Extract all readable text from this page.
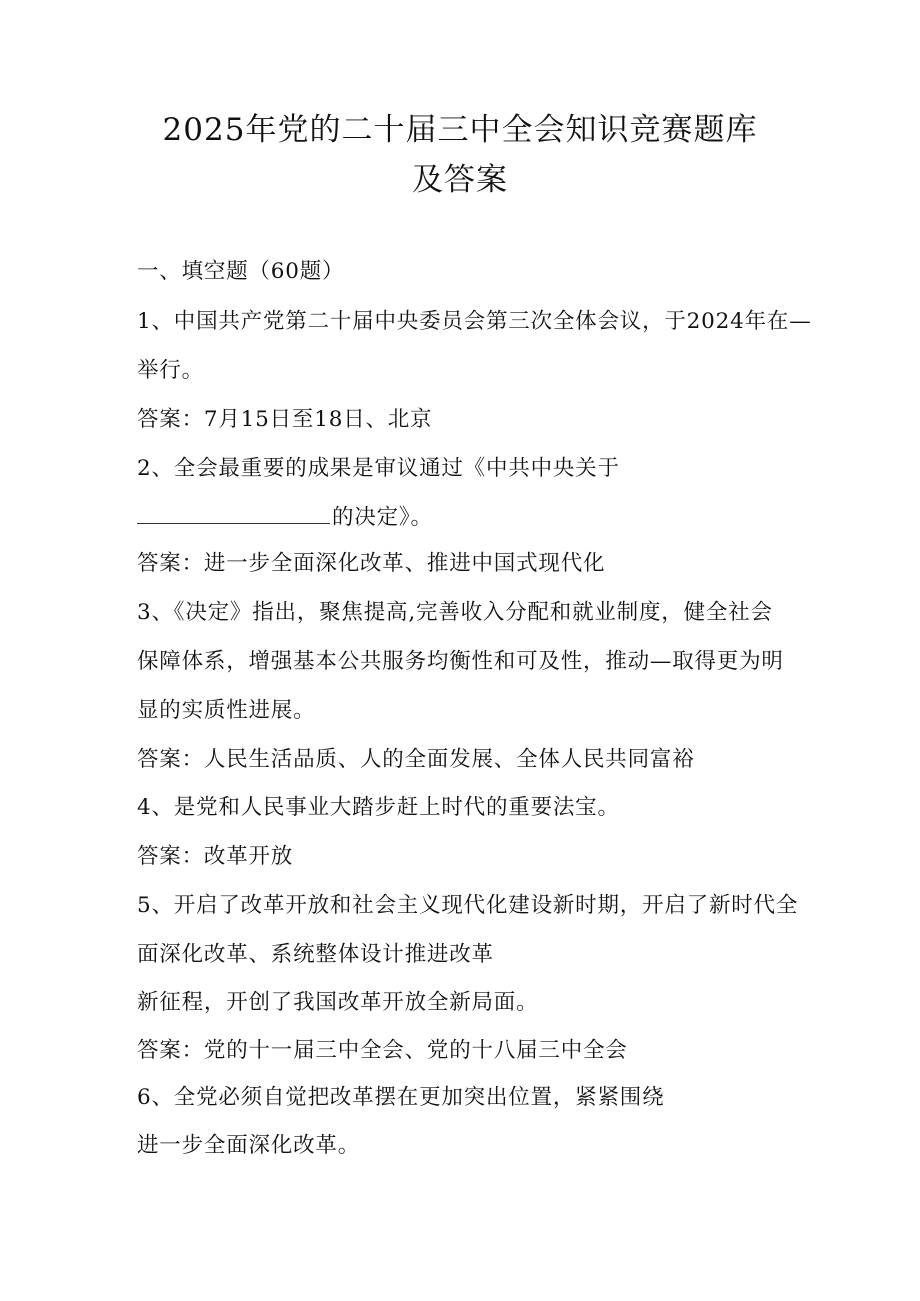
2025年党的二十届三中全会知识竞赛题库
及答案
一、填空题（60题）
1、中国共产党第二十届中央委员会第三次全体会议，于2024年在—
举行。
答案：7月15日至18日、北京
2、全会最重要的成果是审议通过《中共中央关于
的决定》。
答案：进一步全面深化改革、推进中国式现代化
3、《决定》指出，聚焦提高,完善收入分配和就业制度，健全社会
保障体系，增强基本公共服务均衡性和可及性，推动—取得更为明
显的实质性进展。
答案：人民生活品质、人的全面发展、全体人民共同富裕
4、是党和人民事业大踏步赶上时代的重要法宝。
答案：改革开放
5、开启了改革开放和社会主义现代化建设新时期，开启了新时代全
面深化改革、系统整体设计推进改革
新征程，开创了我国改革开放全新局面。
答案：党的十一届三中全会、党的十八届三中全会
6、全党必须自觉把改革摆在更加突出位置，紧紧围绕
进一步全面深化改革。
